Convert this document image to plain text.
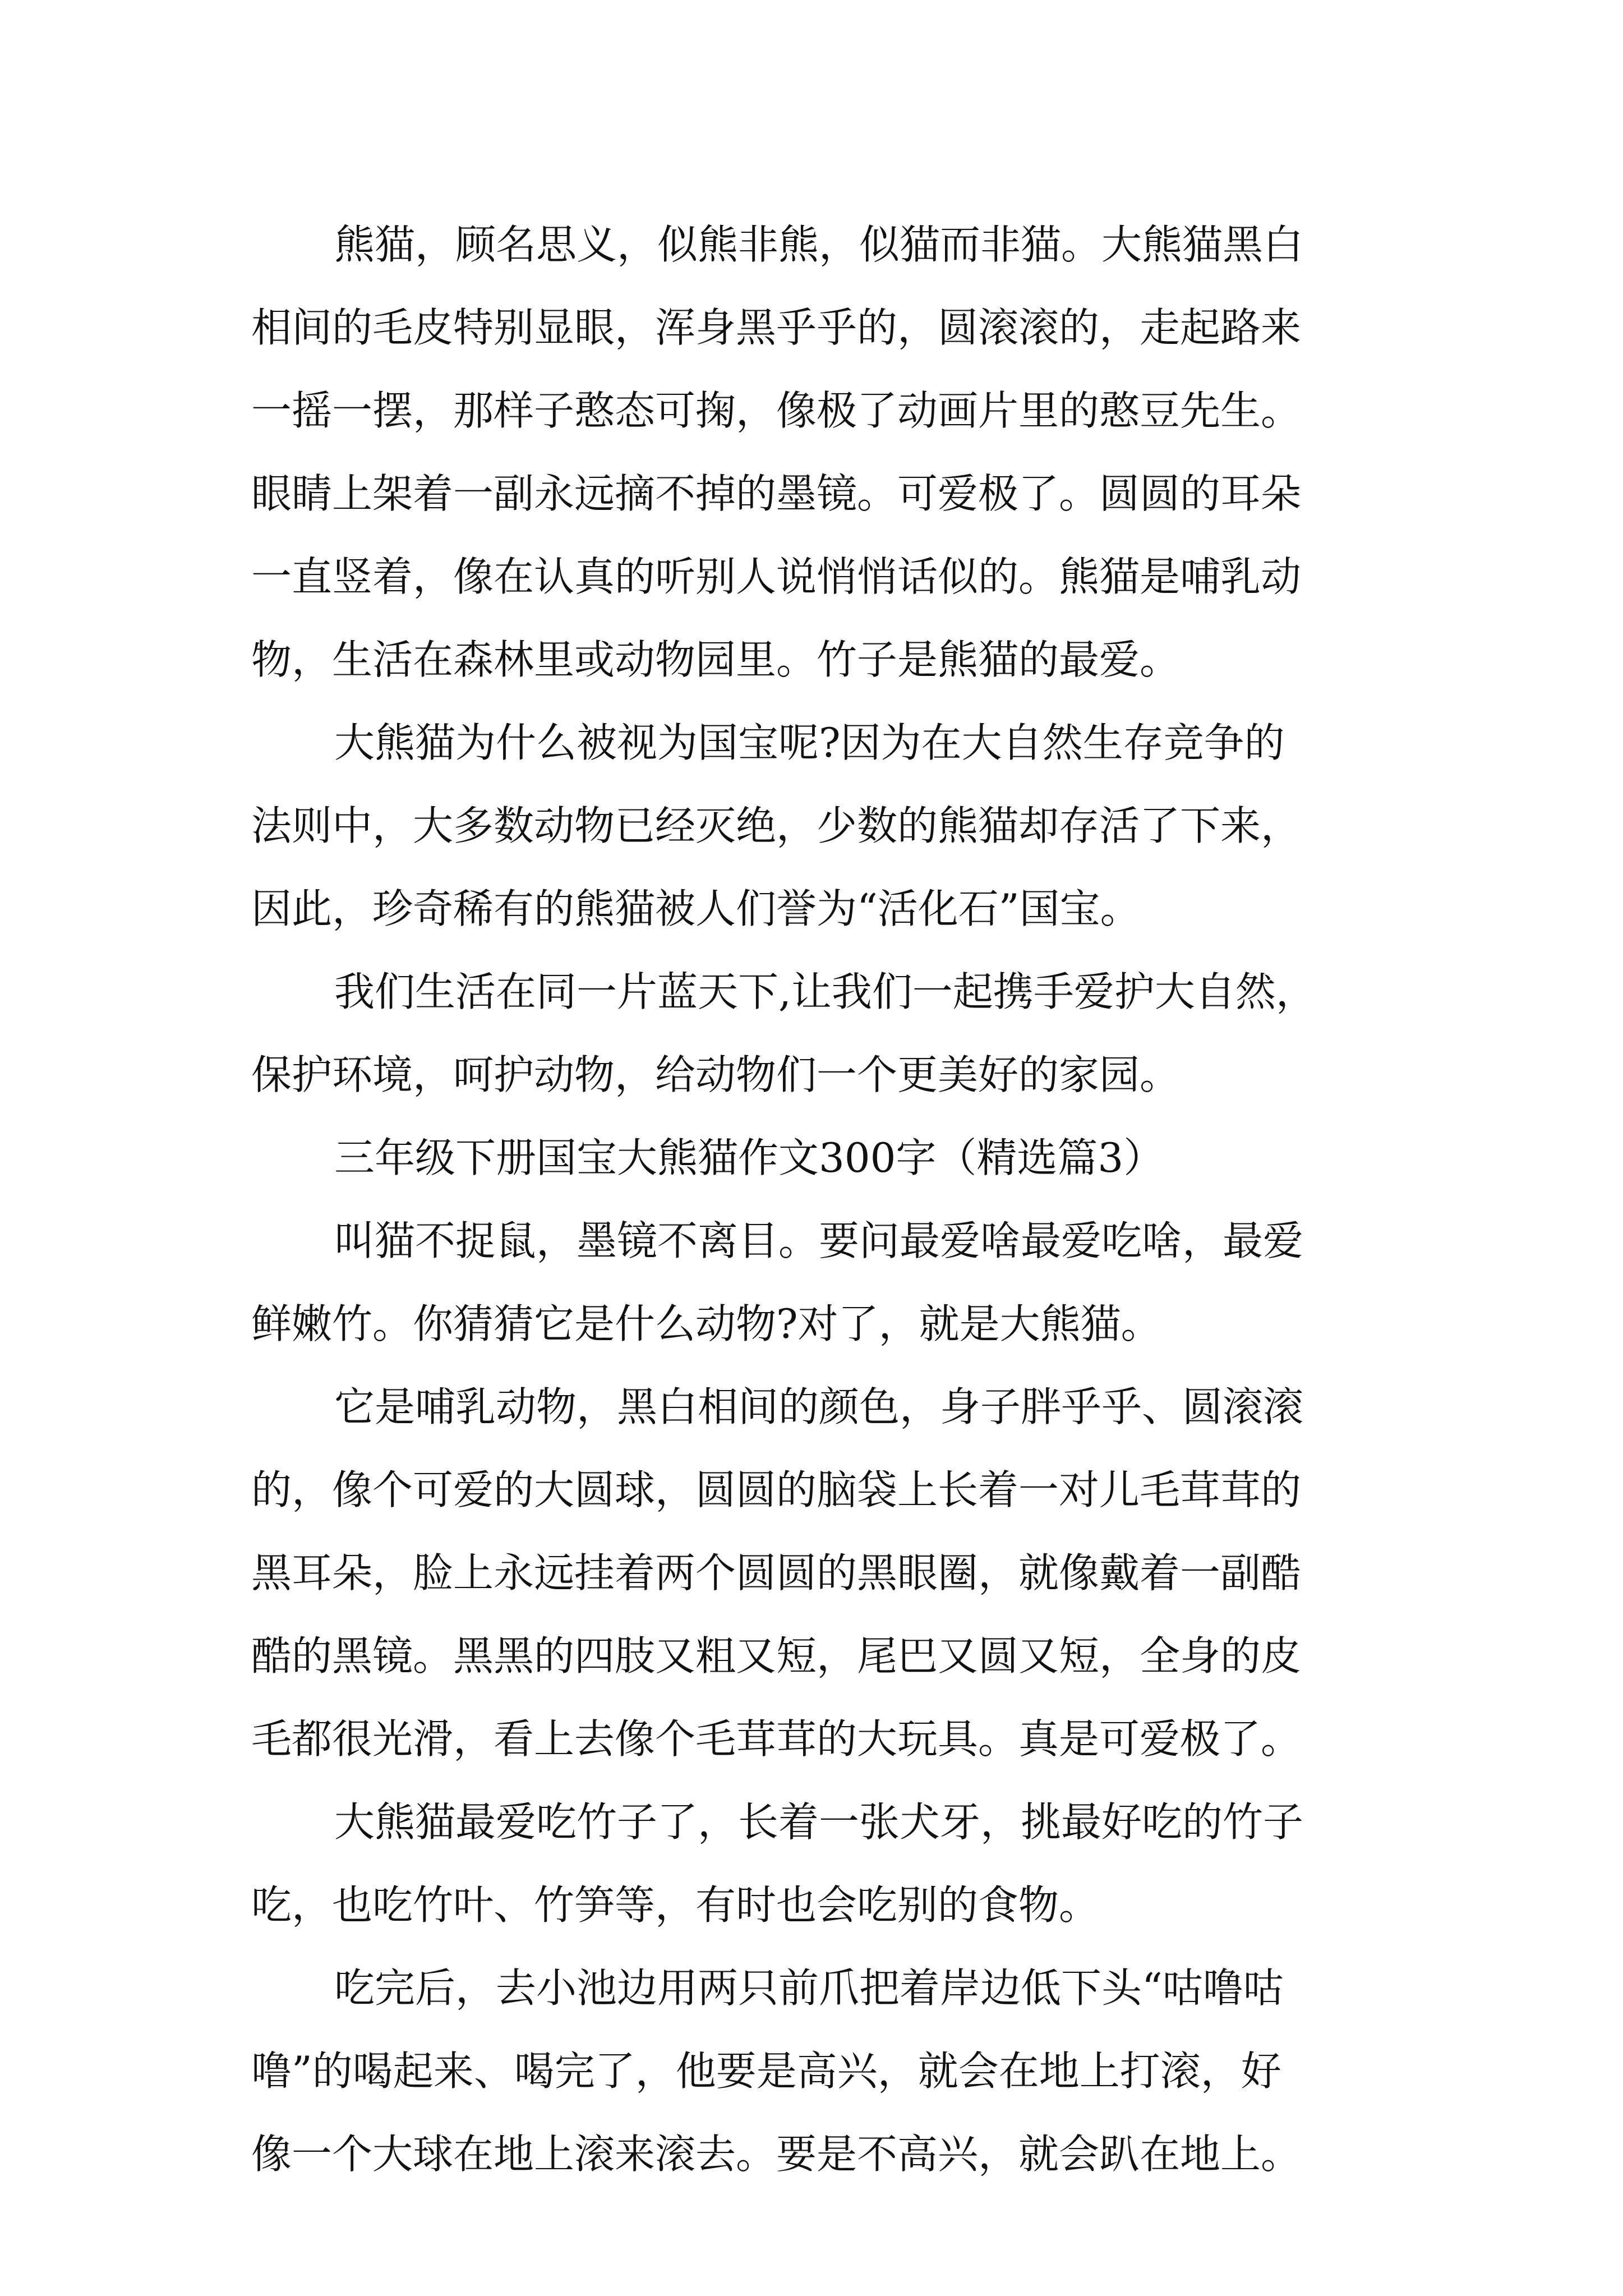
熊猫，顾名思义，似熊非熊，似猫而非猫。大熊猫黑白
相间的毛皮特别显眼，浑身黑乎乎的，圆滚滚的，走起路来
一摇一摆，那样子憨态可掬，像极了动画片里的憨豆先生。
眼睛上架着一副永远摘不掉的墨镜。可爱极了。圆圆的耳朵
一直竖着，像在认真的听别人说悄悄话似的。熊猫是哺乳动
物，生活在森林里或动物园里。竹子是熊猫的最爱。
大熊猫为什么被视为国宝呢?因为在大自然生存竞争的
法则中，大多数动物已经灭绝，少数的熊猫却存活了下来，
因此，珍奇稀有的熊猫被人们誉为“活化石”国宝。
我们生活在同一片蓝天下,让我们一起携手爱护大自然，
保护环境，呵护动物，给动物们一个更美好的家园。
三年级下册国宝大熊猫作文300字（精选篇3）
叫猫不捉鼠，墨镜不离目。要问最爱啥最爱吃啥，最爱
鲜嫩竹。你猜猜它是什么动物?对了，就是大熊猫。
它是哺乳动物，黑白相间的颜色，身子胖乎乎、圆滚滚
的，像个可爱的大圆球，圆圆的脑袋上长着一对儿毛茸茸的
黑耳朵，脸上永远挂着两个圆圆的黑眼圈，就像戴着一副酷
酷的黑镜。黑黑的四肢又粗又短，尾巴又圆又短，全身的皮
毛都很光滑，看上去像个毛茸茸的大玩具。真是可爱极了。
大熊猫最爱吃竹子了，长着一张犬牙，挑最好吃的竹子
吃，也吃竹叶、竹笋等，有时也会吃别的食物。
吃完后，去小池边用两只前爪把着岸边低下头“咕噜咕
噜”的喝起来、喝完了，他要是高兴，就会在地上打滚，好
像一个大球在地上滚来滚去。要是不高兴，就会趴在地上。
